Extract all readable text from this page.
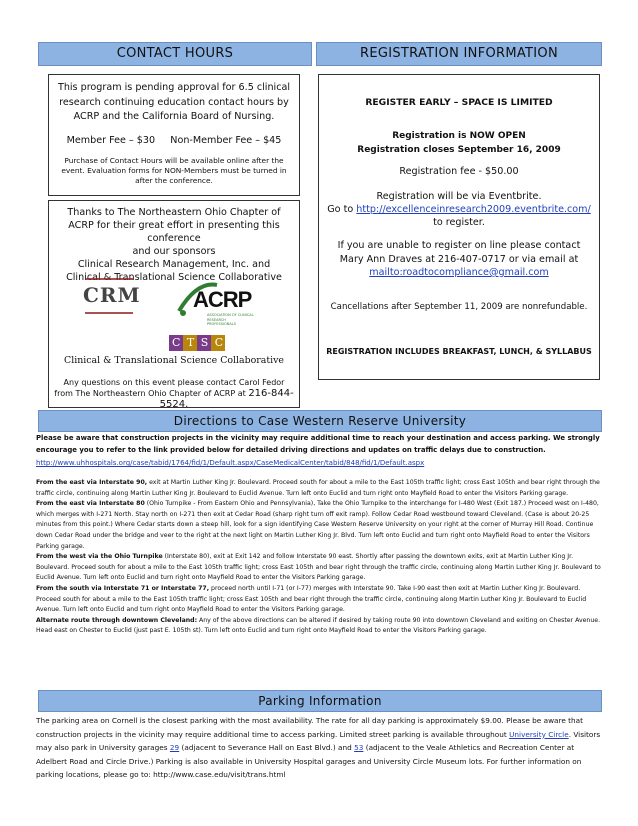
CONTACT HOURS

This program is pending approval for 6.5 clinical research continuing education contact hours by ACRP and the California Board of Nursing.

Member Fee – $30 Non-Member Fee – $45

Purchase of Contact Hours will be available online after the event. Evaluation forms for NON-Members must be turned in after the conference.

Thanks to The Northeastern Ohio Chapter of ACRP for their great effort in presenting this conference

and our sponsors

Clinical Research Management, Inc. and

Clinical & Translational Science Collaborative

CRM ACRP
ASSOCIATION OF CLINICAL RESEARCH PROFESSIONALS
CTSC

Clinical & Translational Science Collaborative

Any questions on this event please contact Carol Fedor from The Northeastern Ohio Chapter of ACRP at 216-844-5524.

REGISTRATION INFORMATION

REGISTER EARLY – SPACE IS LIMITED

Registration is NOW OPEN

Registration closes September 16, 2009

Registration fee - $50.00

Registration will be via Eventbrite.

Go to http://excellenceinresearch2009.eventbrite.com/
to register.

If you are unable to register on line please contact Mary Ann Draves at 216-407-0717 or via email at
mailto:roadtocompliance@gmail.com

Cancellations after September 11, 2009 are nonrefundable.

REGISTRATION INCLUDES BREAKFAST, LUNCH, & SYLLABUS

Directions to Case Western Reserve University

Please be aware that construction projects in the vicinity may require additional time to reach your destination and access parking. We strongly encourage you to refer to the link provided below for detailed driving directions and updates on traffic delays due to construction.

http://www.uhhospitals.org/case/tabid/1764/fid/1/Default.aspx/CaseMedicalCenter/tabid/848/fid/1/Default.aspx

From the east via Interstate 90, exit at Martin Luther King Jr. Boulevard. Proceed south for about a mile to the East 105th traffic light; cross East 105th and bear right through the traffic circle, continuing along Martin Luther King Jr. Boulevard to Euclid Avenue. Turn left onto Euclid and turn right onto Mayfield Road to enter the Visitors Parking garage.

From the east via Interstate 80 (Ohio Turnpike - From Eastern Ohio and Pennsylvania), Take the Ohio Turnpike to the interchange for I-480 West (Exit 187.) Proceed west on I-480, which merges with I-271 North. Stay north on I-271 then exit at Cedar Road (sharp right turn off exit ramp). Follow Cedar Road westbound toward Cleveland. (Case is about 20-25 minutes from this point.) Where Cedar starts down a steep hill, look for a sign identifying Case Western Reserve University on your right at the corner of Murray Hill Road. Continue down Cedar Road under the bridge and veer to the right at the next light on Martin Luther King Jr. Blvd. Turn left onto Euclid and turn right onto Mayfield Road to enter the Visitors Parking garage.

From the west via the Ohio Turnpike (Interstate 80), exit at Exit 142 and follow Interstate 90 east. Shortly after passing the downtown exits, exit at Martin Luther King Jr. Boulevard. Proceed south for about a mile to the East 105th traffic light; cross East 105th and bear right through the traffic circle, continuing along Martin Luther King Jr. Boulevard to Euclid Avenue. Turn left onto Euclid and turn right onto Mayfield Road to enter the Visitors Parking garage.

From the south via Interstate 71 or Interstate 77, proceed north until I-71 (or I-77) merges with Interstate 90. Take I-90 east then exit at Martin Luther King Jr. Boulevard. Proceed south for about a mile to the East 105th traffic light; cross East 105th and bear right through the traffic circle, continuing along Martin Luther King Jr. Boulevard to Euclid Avenue. Turn left onto Euclid and turn right onto Mayfield Road to enter the Visitors Parking garage.

Alternate route through downtown Cleveland: Any of the above directions can be altered if desired by taking route 90 into downtown Cleveland and exiting on Chester Avenue. Head east on Chester to Euclid (just past E. 105th st). Turn left onto Euclid and turn right onto Mayfield Road to enter the Visitors Parking garage.

Parking Information

The parking area on Cornell is the closest parking with the most availability. The rate for all day parking is approximately $9.00. Please be aware that construction projects in the vicinity may require additional time to access parking. Limited street parking is available throughout University Circle. Visitors may also park in University garages 29 (adjacent to Severance Hall on East Blvd.) and 53 (adjacent to the Veale Athletics and Recreation Center at Adelbert Road and Circle Drive.) Parking is also available in University Hospital garages and University Circle Museum lots. For further information on parking locations, please go to: http://www.case.edu/visit/trans.html
